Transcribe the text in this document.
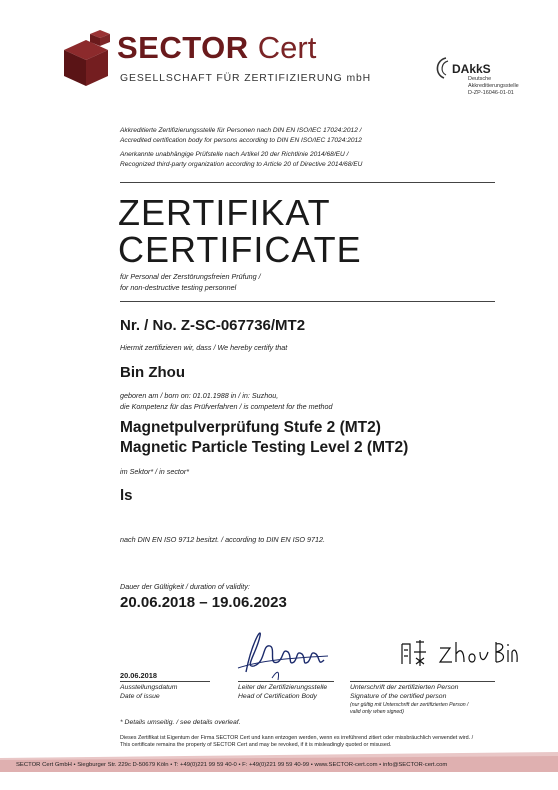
SECTOR Cert
GESELLSCHAFT FÜR ZERTIFIZIERUNG mbH
DAkkS
Deutsche
Akkreditierungsstelle
D-ZP-16046-01-01
Akkreditierte Zertifizierungsstelle für Personen nach DIN EN ISO/IEC 17024:2012 /
Accredited certification body for persons according to DIN EN ISO/IEC 17024:2012
Anerkannte unabhängige Prüfstelle nach Artikel 20 der Richtlinie 2014/68/EU /
Recognized third-party organization according to Article 20 of Directive 2014/68/EU
ZERTIFIKAT
CERTIFICATE
für Personal der Zerstörungsfreien Prüfung /
for non-destructive testing personnel
Nr. / No. Z-SC-067736/MT2
Hiermit zertifizieren wir, dass / We hereby certify that
Bin Zhou
geboren am / born on: 01.01.1988 in / in: Suzhou,
die Kompetenz für das Prüfverfahren / is competent for the method
Magnetpulverprüfung Stufe 2 (MT2)
Magnetic Particle Testing Level 2 (MT2)
im Sektor* / in sector*
ls
nach DIN EN ISO 9712 besitzt. / according to DIN EN ISO 9712.
Dauer der Gültigkeit / duration of validity:
20.06.2018 – 19.06.2023
20.06.2018
Ausstellungsdatum
Date of issue
Leiter der Zertifizierungsstelle
Head of Certification Body
Unterschrift der zertifizierten Person
Signature of the certified person
(nur gültig mit Unterschrift der zertifizierten Person /
valid only when signed)
* Details umseitig. / see details overleaf.
Dieses Zertifikat ist Eigentum der Firma SECTOR Cert und kann entzogen werden, wenn es irreführend zitiert oder missbräuchlich verwendet wird. /
This certificate remains the property of SECTOR Cert and may be revoked, if it is misleadingly quoted or misused.
SECTOR Cert GmbH • Siegburger Str. 229c D-50679 Köln • T: +49(0)221 99 59 40-0 • F: +49(0)221 99 59 40-99 • www.SECTOR-cert.com • info@SECTOR-cert.com
